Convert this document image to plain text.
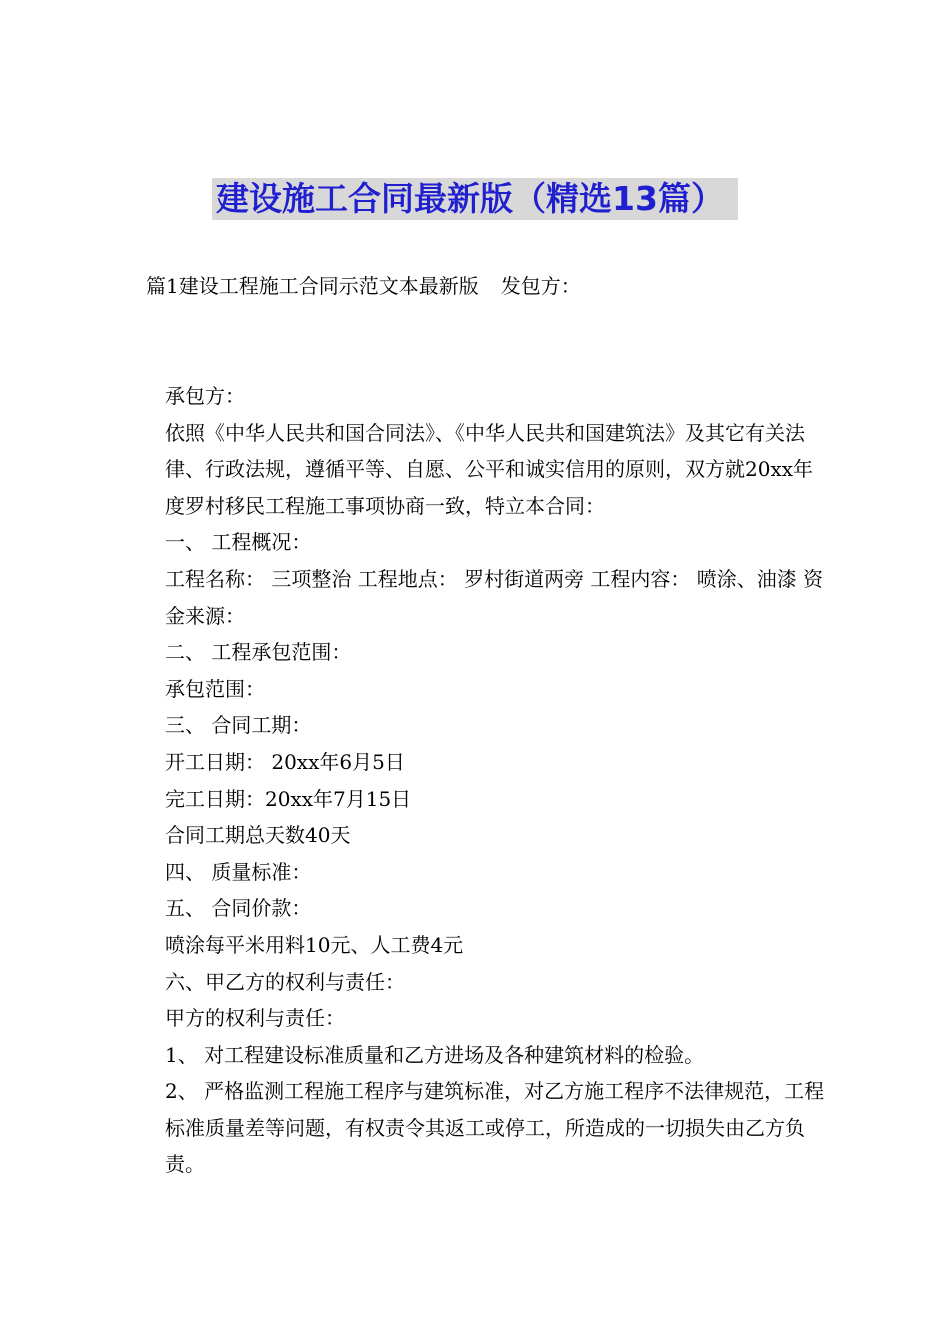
建设施工合同最新版（精选13篇）
篇1建设工程施工合同示范文本最新版 发包方：

承包方：

依照《中华人民共和国合同法》、《中华人民共和国建筑法》及其它有关法律、行政法规，遵循平等、自愿、公平和诚实信用的原则，双方就20xx年度罗村移民工程施工事项协商一致，特立本合同：

一、 工程概况：

工程名称： 三项整治 工程地点： 罗村街道两旁 工程内容： 喷涂、油漆 资金来源：

二、 工程承包范围：

承包范围：

三、 合同工期：

开工日期： 20xx年6月5日

完工日期：20xx年7月15日

合同工期总天数40天

四、 质量标准：

五、 合同价款：

喷涂每平米用料10元、人工费4元

六、甲乙方的权利与责任：

甲方的权利与责任：

1、 对工程建设标准质量和乙方进场及各种建筑材料的检验。

2、 严格监测工程施工程序与建筑标准，对乙方施工程序不法律规范，工程标准质量差等问题，有权责令其返工或停工，所造成的一切损失由乙方负责。
